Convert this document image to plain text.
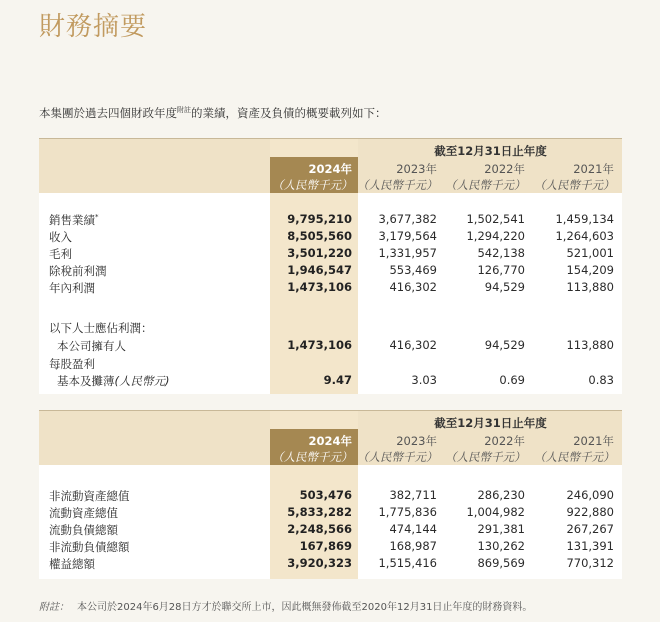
財務摘要
本集團於過去四個財政年度$^{附註}$的業績，資產及負債的概要載列如下：
截至12月31日止年度
2024年	2023年	2022年	2021年
（人民幣千元） （人民幣千元） （人民幣千元） （人民幣千元）
銷售業績*	9,795,210	3,677,382	1,502,541	1,459,134
收入	8,505,560	3,179,564	1,294,220	1,264,603
毛利	3,501,220	1,331,957	542,138	521,001
除稅前利潤	1,946,547	553,469	126,770	154,209
年內利潤	1,473,106	416,302	94,529	113,880
以下人士應佔利潤：
本公司擁有人	1,473,106	416,302	94,529	113,880
每股盈利
基本及攤薄(人民幣元)	9.47	3.03	0.69	0.83
截至12月31日止年度
2024年	2023年	2022年	2021年
（人民幣千元） （人民幣千元） （人民幣千元） （人民幣千元）
非流動資產總值	503,476	382,711	286,230	246,090
流動資產總值	5,833,282	1,775,836	1,004,982	922,880
流動負債總額	2,248,566	474,144	291,381	267,267
非流動負債總額	167,869	168,987	130,262	131,391
權益總額	3,920,323	1,515,416	869,569	770,312
附註： 本公司於2024年6月28日方才於聯交所上市，因此概無發佈截至2020年12月31日止年度的財務資料。
